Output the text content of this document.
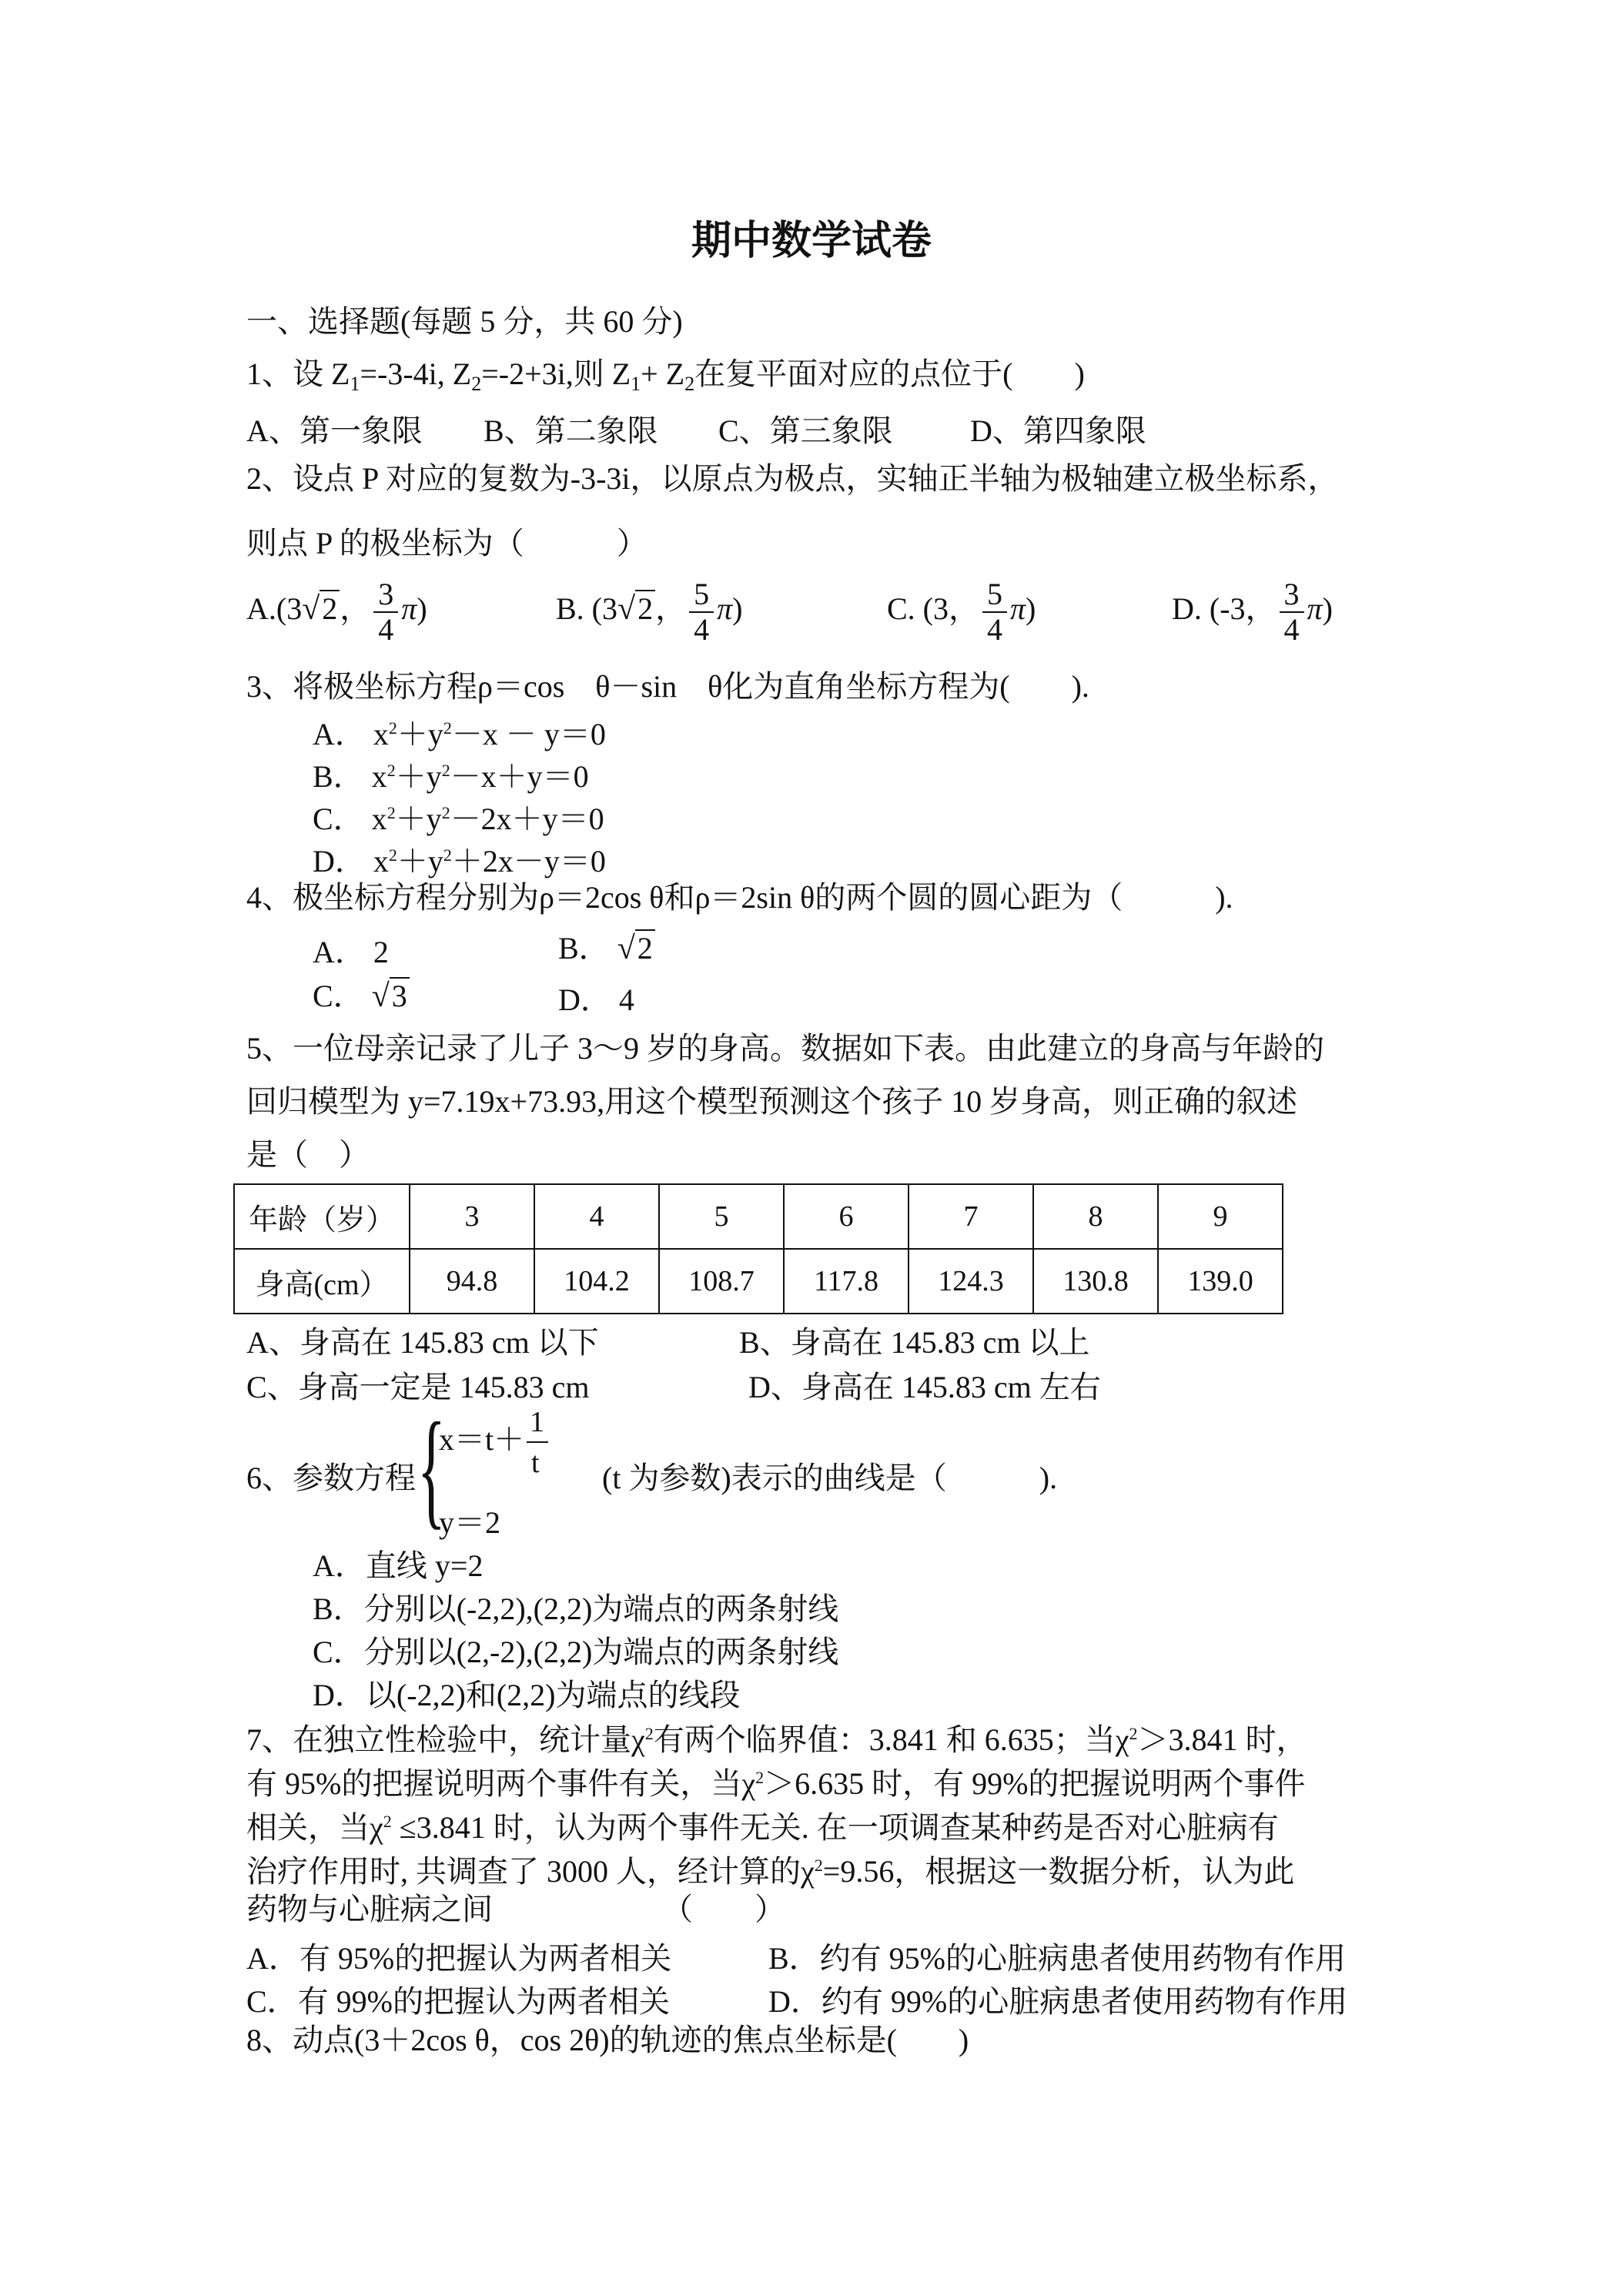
期中数学试卷
一、选择题(每题 5 分，共 60 分)
1、设 $Z_1=-3-4i$, $Z_2=-2+3i$,则 $Z_1+ Z_2$在复平面对应的点位于(　　)
A、第一象限 B、第二象限 C、第三象限	D、第四象限
2、设点 P 对应的复数为-3-3i，以原点为极点，实轴正半轴为极轴建立极坐标系，
则点 P 的极坐标为（　　　）
A.(3√2， $\frac{3}{4} \pi$)	B. (3√2， $\frac{5}{4} \pi$)	C. (3， $\frac{5}{4} \pi$)	D. (-3， $\frac{3}{4} \pi$)
3、将极坐标方程ρ＝cos　θ－sin　θ化为直角坐标方程为(　　).
A． $x^2+y^2-x - y=0$
B． $x^2+y^2-x+y=0$
C． $x^2+y^2-2x+y=0$
D． $x^2+y^2+2x-y=0$
4、极坐标方程分别为ρ＝2cos θ和ρ＝2sin θ的两个圆的圆心距为（　　　).
A． 2	B． √2
C． √3	D． 4
5、一位母亲记录了儿子 3～9 岁的身高。数据如下表。由此建立的身高与年龄的
回归模型为 y=7.19x+73.93,用这个模型预测这个孩子 10 岁身高，则正确的叙述
是（　）
年龄（岁）	3	4	5	6	7	8	9
身高(cm）	94.8	104.2	108.7	117.8	124.3	130.8	139.0
A、身高在 145.83 cm 以下	B、身高在 145.83 cm 以上
C、身高一定是 145.83 cm	D、身高在 145.83 cm 左右
6、参数方程 {
x＝t＋ 1
t
y＝2
(t 为参数)表示的曲线是（　　　).
A．直线 y=2
B．分别以(-2,2),(2,2)为端点的两条射线
C．分别以(2,-2),(2,2)为端点的两条射线
D．以(-2,2)和(2,2)为端点的线段
7、在独立性检验中，统计量$\chi^2$有两个临界值：3.841 和 6.635；当$\chi^2>3.841$ 时，
有 95%的把握说明两个事件有关，当$\chi^2>6.635$ 时，有 99%的把握说明两个事件
相关，当$\chi^2 \le 3.841$ 时，认为两个事件无关. 在一项调查某种药是否对心脏病有
治疗作用时, 共调查了 3000 人，经计算的$\chi^2=9.56$，根据这一数据分析，认为此
药物与心脏病之间　　　　　　（　　）
A．有 95%的把握认为两者相关	B．约有 95%的心脏病患者使用药物有作用
C．有 99%的把握认为两者相关	D．约有 99%的心脏病患者使用药物有作用
8、动点(3＋2cos θ，cos 2θ)的轨迹的焦点坐标是(　　)
